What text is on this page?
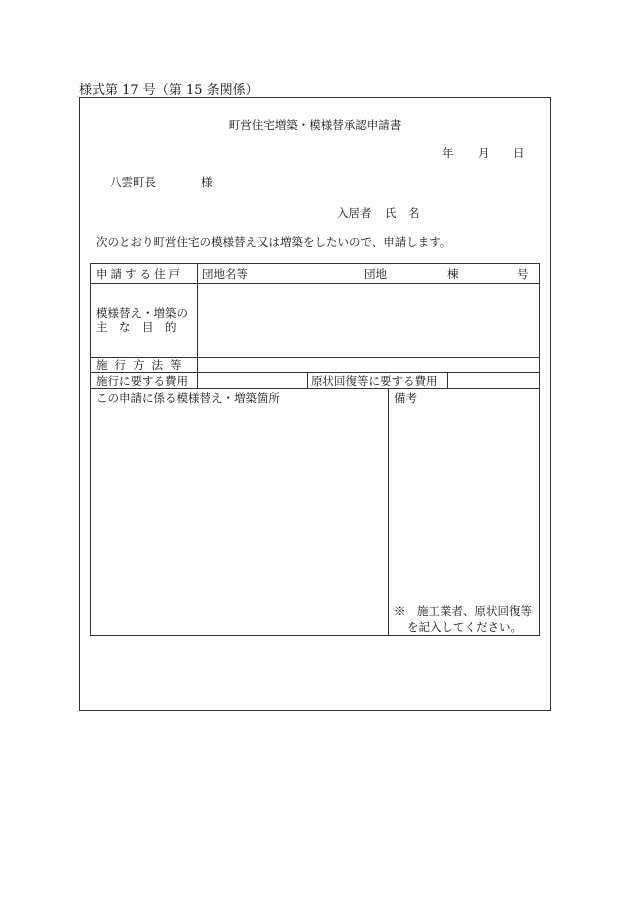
様式第 17 号（第 15 条関係）
町営住宅増築・模様替承認申請書
年 月 日
八雲町長	様
入居者 氏　名
次のとおり町営住宅の模様替え又は増築をしたいので、申請します。
申請する住戸 団地名等	団地	棟	号
模様替え・増築の
主　な　目　的
施行方法等
施行に要する費用	原状回復等に要する費用
この申請に係る模様替え・増築箇所	備考
※　施工業者、原状回復等
を記入してください。
